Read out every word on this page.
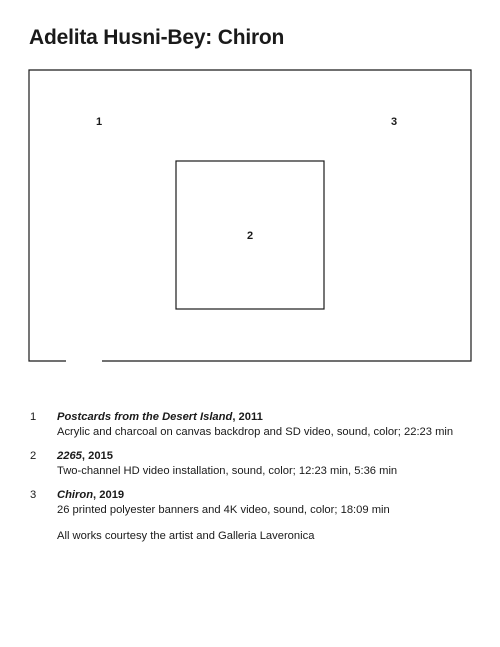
Adelita Husni-Bey: Chiron
1
2
3
1 Postcards from the Desert Island, 2011
Acrylic and charcoal on canvas backdrop and SD video, sound, color; 22:23 min
2 2265, 2015
Two-channel HD video installation, sound, color; 12:23 min, 5:36 min
3 Chiron, 2019
26 printed polyester banners and 4K video, sound, color; 18:09 min

All works courtesy the artist and Galleria Laveronica
